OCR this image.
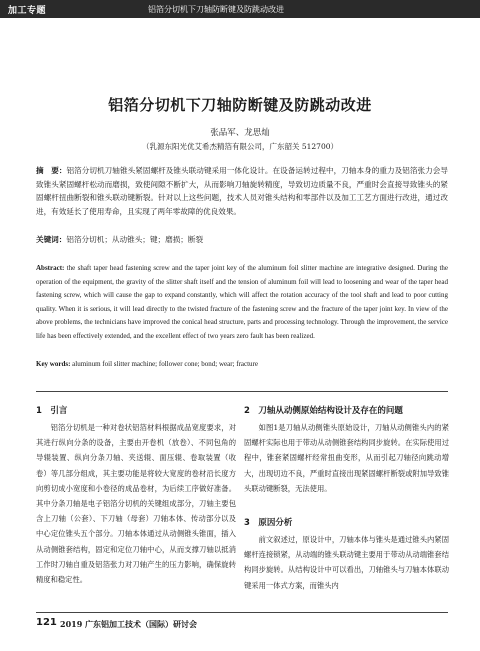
加工专题	铝箔分切机下刀轴防断键及防跳动改进
铝箔分切机下刀轴防断键及防跳动改进
张品军、龙思灿
（乳源东阳光优艾希杰精箔有限公司，广东韶关 512700）

摘　要：铝箔分切机刀轴锥头紧固螺杆及锥头联动键采用一体化设计。在设备运转过程中，刀轴本身的重力及铝箔张力会导致锥头紧固螺杆松动而磨损，致使间隙不断扩大，从而影响刀轴旋转精度，导致切边质量不良，严重时会直接导致锥头的紧固螺杆扭曲断裂和锥头联动键断裂。针对以上这些问题，技术人员对锥头结构和零部件以及加工工艺方面进行改进，通过改进，有效延长了使用寿命，且实现了两年零故障的优良效果。

关键词：铝箔分切机；从动锥头；键；磨损；断裂

Abstract: the shaft taper head fastening screw and the taper joint key of the aluminum foil slitter machine are integrative designed. During the operation of the equipment, the gravity of the slitter shaft itself and the tension of aluminum foil will lead to loosening and wear of the taper head fastening screw, which will cause the gap to expand constantly, which will affect the rotation accuracy of the tool shaft and lead to poor cutting quality. When it is serious, it will lead directly to the twisted fracture of the fastening screw and the fracture of the taper joint key. In view of the above problems, the technicians have improved the conical head structure, parts and processing technology. Through the improvement, the service life has been effectively extended, and the excellent effect of two years zero fault has been realized.

Key words: aluminum foil slitter machine; follower cone; bond; wear; fracture

1　引言

铝箔分切机是一种对卷状铝箔材料根据成品宽度要求，对其进行纵向分条的设备，主要由开卷机（放卷）、不同包角的导辊装置、纵向分条刀轴、夹送辊、面压辊、卷取装置（收卷）等几部分组成，其主要功能是将较大宽度的卷材沿长度方向剪切成小宽度和小卷径的成品卷材，为后续工序做好准备。其中分条刀轴是电子铝箔分切机的关键组成部分，刀轴主要包含上刀轴（公套）、下刀轴（母套）刀轴本体、传动部分以及中心定位锥头五个部分。刀轴本体通过从动侧锥头锥面，插入从动侧锥套结构，固定和定位刀轴中心，从而支撑刀轴以抵消工作时刀轴自重及铝箔张力对刀轴产生的压力影响，确保旋转精度和稳定性。

2　刀轴从动侧原始结构设计及存在的问题

如图1是刀轴从动侧锥头原始设计，刀轴从动侧锥头内的紧固螺杆实际也用于带动从动侧锥套结构同步旋转。在实际使用过程中，锥套紧固螺杆经常扭曲变形，从而引起刀轴径向跳动增大，出现切边不良，严重时直接出现紧固螺杆断裂或附加导致锥头联动键断裂，无法使用。

3　原因分析

前文叙述过，原设计中，刀轴本体与锥头是通过锥头内紧固螺杆连接锁紧，从动端的锥头联动键主要用于带动从动端锥套结构同步旋转。从结构设计中可以看出，刀轴锥头与刀轴本体联动键采用一体式方案，而锥头内

121 2019 广东铝加工技术（国际）研讨会
